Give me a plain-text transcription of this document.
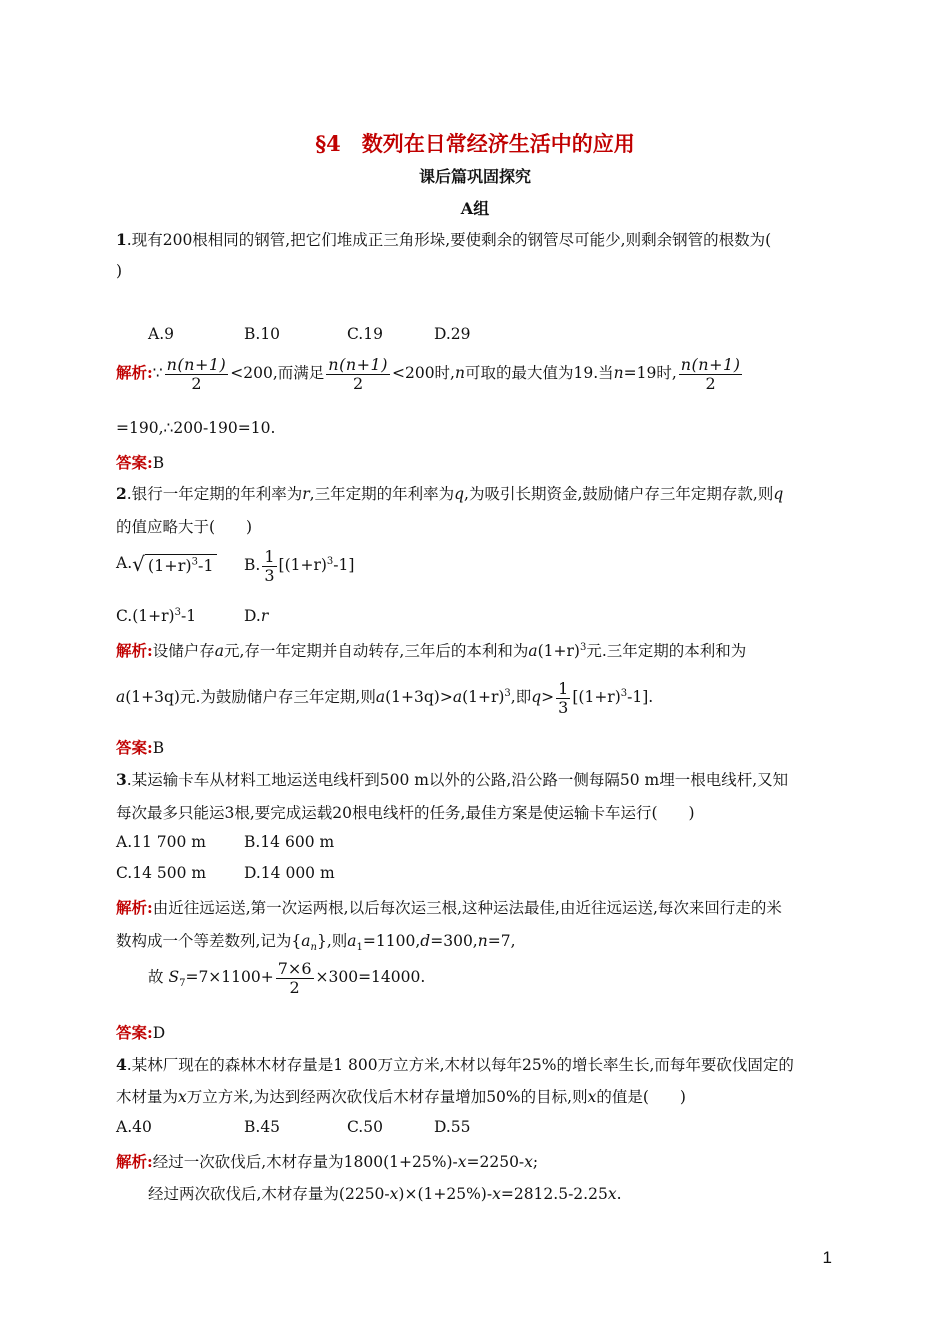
§4　数列在日常经济生活中的应用
课后篇巩固探究
A组
1.现有200根相同的钢管,把它们堆成正三角形垛,要使剩余的钢管尽可能少,则剩余钢管的根数为(
)
A.9	B.10	C.19	D.29
解析:∵ $\frac{n(n+1)}{2} <200$,而满足 $\frac{n(n+1)}{2} <200$时,n可取的最大值为19.当n=19时, $\frac{n(n+1)}{2}$
=190,∴200-190=10.
答案:B
2.银行一年定期的年利率为r,三年定期的年利率为q,为吸引长期资金,鼓励储户存三年定期存款,则q
的值应略大于(　　)
A.√ $(1+r)^3-1$ B. $\frac{1}{3} [(1+r)^3-1]$
$C.(1+r)^3-1$	D.r
解析:设储户存a元,存一年定期并自动转存,三年后的本利和为$a(1+r)^3$元.三年定期的本利和为
a(1+3q)元.为鼓励储户存三年定期,则$a(1+3q)>a(1+r)^3$,即$q> \frac{1}{3} [(1+r)^3-1]$.
答案:B
3.某运输卡车从材料工地运送电线杆到500 m以外的公路,沿公路一侧每隔50 m埋一根电线杆,又知
每次最多只能运3根,要完成运载20根电线杆的任务,最佳方案是使运输卡车运行(　　)
A.11 700 m B.14 600 m
C.14 500 m D.14 000 m
解析:由近往远运送,第一次运两根,以后每次运三根,这种运法最佳,由近往远运送,每次来回行走的米
数构成一个等差数列,记为$\{a_n\}$,则$a_1=1100,d=300,n=7$,
故 $S_7=7\times 1100+ \frac{7\times 6}{2} \times 300=14000$.
答案:D
4.某林厂现在的森林木材存量是1 800万立方米,木材以每年25%的增长率生长,而每年要砍伐固定的
木材量为x万立方米,为达到经两次砍伐后木材存量增加50%的目标,则x的值是(　　)
A.40	B.45	C.50	D.55
解析:经过一次砍伐后,木材存量为1800(1+25%)-x=2250-x;
经过两次砍伐后,木材存量为(2250-x)×(1+25%)-x=2812.5-2.25x.
1
